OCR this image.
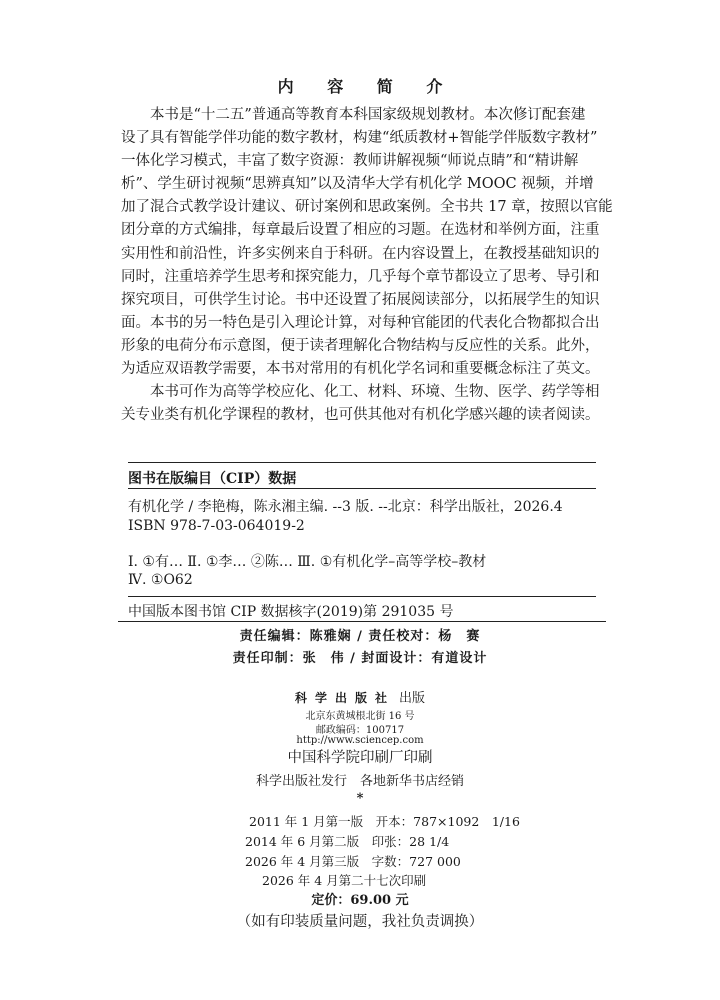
内 容 简 介

本书是“十二五”普通高等教育本科国家级规划教材。本次修订配套建

设了具有智能学伴功能的数字教材，构建“纸质教材+智能学伴版数字教材”

一体化学习模式，丰富了数字资源：教师讲解视频“师说点睛”和“精讲解

析”、学生研讨视频“思辨真知”以及清华大学有机化学 MOOC 视频，并增

加了混合式教学设计建议、研讨案例和思政案例。全书共 17 章，按照以官能

团分章的方式编排，每章最后设置了相应的习题。在选材和举例方面，注重

实用性和前沿性，许多实例来自于科研。在内容设置上，在教授基础知识的

同时，注重培养学生思考和探究能力，几乎每个章节都设立了思考、导引和

探究项目，可供学生讨论。书中还设置了拓展阅读部分，以拓展学生的知识

面。本书的另一特色是引入理论计算，对每种官能团的代表化合物都拟合出

形象的电荷分布示意图，便于读者理解化合物结构与反应性的关系。此外，

为适应双语教学需要，本书对常用的有机化学名词和重要概念标注了英文。

本书可作为高等学校应化、化工、材料、环境、生物、医学、药学等相

关专业类有机化学课程的教材，也可供其他对有机化学感兴趣的读者阅读。

图书在版编目（CIP）数据
有机化学 / 李艳梅，陈永湘主编. --3 版. --北京：科学出版社，2026.4
ISBN 978-7-03-064019-2
Ⅰ. ①有… Ⅱ. ①李… ②陈… Ⅲ. ①有机化学–高等学校–教材
Ⅳ. ①O62
中国版本图书馆 CIP 数据核字(2019)第 291035 号
责任编辑：陈雅娴 / 责任校对：杨　赛
责任印制：张　伟 / 封面设计：有道设计
科学出版社 出版
北京东黄城根北街 16 号
邮政编码：100717
http://www.sciencep.com
中国科学院印刷厂印刷
科学出版社发行　各地新华书店经销
*
2011 年 1 月第一版　开本：787×1092　1/16
2014 年 6 月第二版　印张：28 1/4
2026 年 4 月第三版　字数：727 000
2026 年 4 月第二十七次印刷
定价：69.00 元
（如有印装质量问题，我社负责调换）
